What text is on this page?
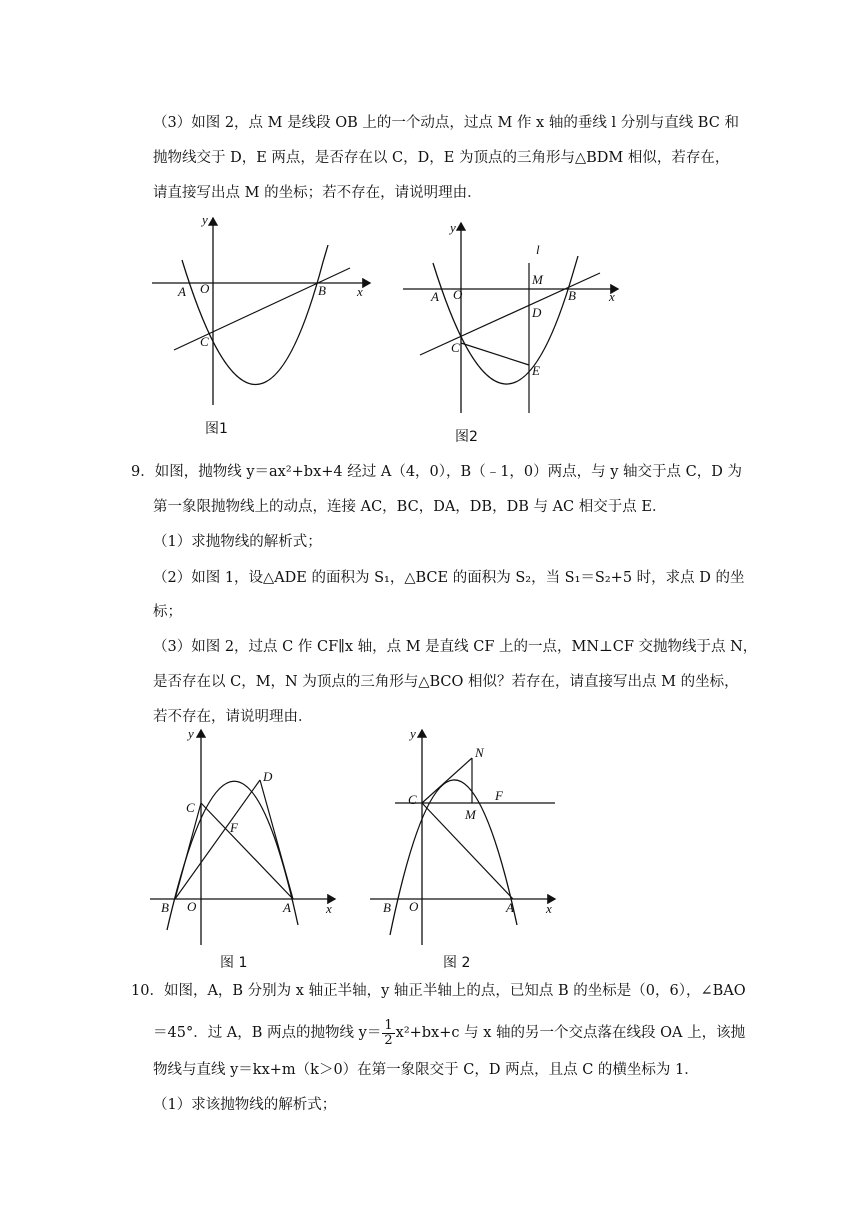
（3）如图 2，点 M 是线段 OB 上的一个动点，过点 M 作 x 轴的垂线 l 分别与直线 BC 和
抛物线交于 D，E 两点，是否存在以 C，D，E 为顶点的三角形与△BDM 相似，若存在，
请直接写出点 M 的坐标；若不存在，请说明理由．
y
x
A O	B
C
图1
y
l
x
A O
M
B
D
C
E
图2
9．如图，抛物线 y＝ax²+bx+4 经过 A（4，0），B（﹣1，0）两点，与 y 轴交于点 C，D 为
第一象限抛物线上的动点，连接 AC，BC，DA，DB，DB 与 AC 相交于点 E．
（1）求抛物线的解析式；
（2）如图 1，设△ADE 的面积为 S₁，△BCE 的面积为 S₂，当 S₁＝S₂+5 时，求点 D 的坐
标；
（3）如图 2，过点 C 作 CF∥x 轴，点 M 是直线 CF 上的一点，MN⊥CF 交抛物线于点 N，
是否存在以 C，M，N 为顶点的三角形与△BCO 相似？若存在，请直接写出点 M 的坐标，
若不存在，请说明理由．
y
x
C
D
F
B O	A
图 1
y
x
N
C	F
M
B O	A
图 2
10．如图，A，B 分别为 x 轴正半轴，y 轴正半轴上的点，已知点 B 的坐标是（0，6），∠BAO
＝45°．过 A，B 两点的抛物线 $y= \frac{1}{2} x^2+bx+c$ 与 x 轴的另一个交点落在线段 OA 上，该抛
物线与直线 y＝kx+m（k＞0）在第一象限交于 C，D 两点，且点 C 的横坐标为 1．
（1）求该抛物线的解析式；
